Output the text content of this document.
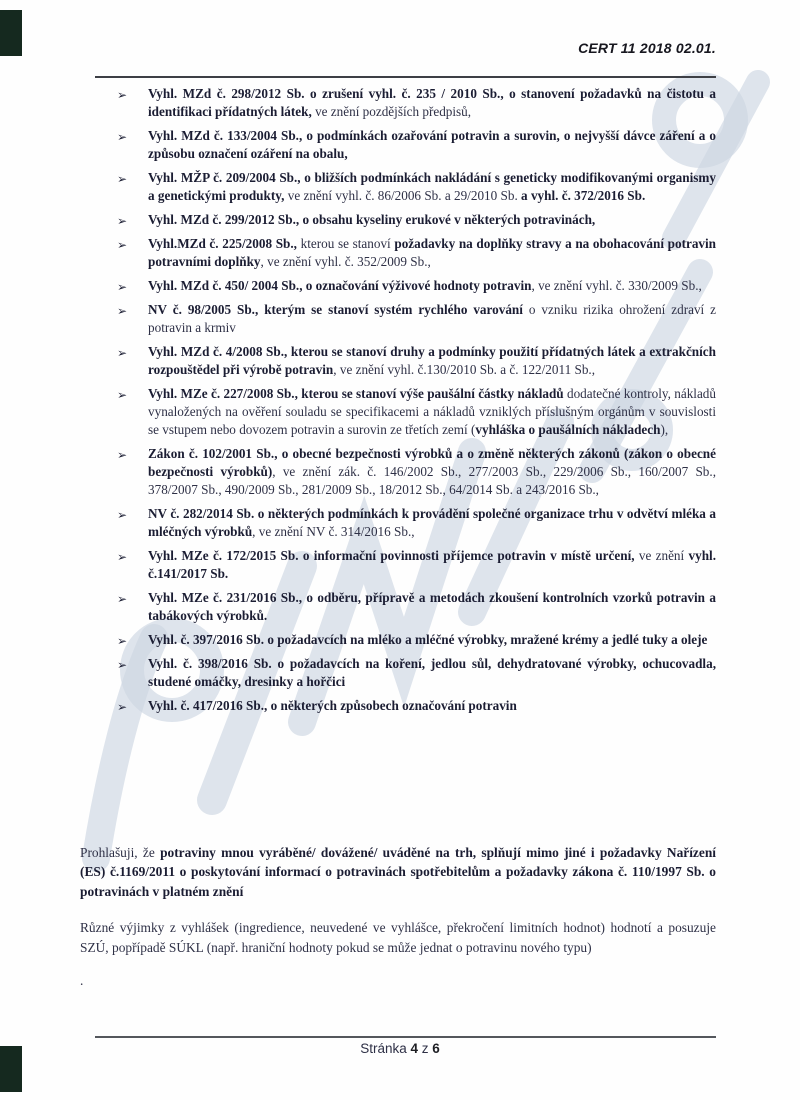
CERT 11 2018 02.01.
➢ Vyhl. MZd č. 298/2012 Sb. o zrušení vyhl. č. 235 / 2010 Sb., o stanovení požadavků na čistotu a identifikaci přídatných látek, ve znění pozdějších předpisů,
➢ Vyhl. MZd č. 133/2004 Sb., o podmínkách ozařování potravin a surovin, o nejvyšší dávce záření a o způsobu označení ozáření na obalu,
➢ Vyhl. MŽP č. 209/2004 Sb., o bližších podmínkách nakládání s geneticky modifikovanými organismy a genetickými produkty, ve znění vyhl. č. 86/2006 Sb. a 29/2010 Sb. a vyhl. č. 372/2016 Sb.
➢ Vyhl. MZd č. 299/2012 Sb., o obsahu kyseliny erukové v některých potravinách,
➢ Vyhl.MZd č. 225/2008 Sb., kterou se stanoví požadavky na doplňky stravy a na obohacování potravin potravními doplňky, ve znění vyhl. č. 352/2009 Sb.,
➢ Vyhl. MZd č. 450/ 2004 Sb., o označování výživové hodnoty potravin, ve znění vyhl. č. 330/2009 Sb.,
➢ NV č. 98/2005 Sb., kterým se stanoví systém rychlého varování o vzniku rizika ohrožení zdraví z potravin a krmiv
➢ Vyhl. MZd č. 4/2008 Sb., kterou se stanoví druhy a podmínky použití přídatných látek a extrakčních rozpouštědel při výrobě potravin, ve znění vyhl. č.130/2010 Sb. a č. 122/2011 Sb.,
➢ Vyhl. MZe č. 227/2008 Sb., kterou se stanoví výše paušální částky nákladů dodatečné kontroly, nákladů vynaložených na ověření souladu se specifikacemi a nákladů vzniklých příslušným orgánům v souvislosti se vstupem nebo dovozem potravin a surovin ze třetích zemí (vyhláška o paušálních nákladech),
➢ Zákon č. 102/2001 Sb., o obecné bezpečnosti výrobků a o změně některých zákonů (zákon o obecné bezpečnosti výrobků), ve znění zák. č. 146/2002 Sb., 277/2003 Sb., 229/2006 Sb., 160/2007 Sb., 378/2007 Sb., 490/2009 Sb., 281/2009 Sb., 18/2012 Sb., 64/2014 Sb. a 243/2016 Sb.,
➢ NV č. 282/2014 Sb. o některých podmínkách k provádění společné organizace trhu v odvětví mléka a mléčných výrobků, ve znění NV č. 314/2016 Sb.,
➢ Vyhl. MZe č. 172/2015 Sb. o informační povinnosti příjemce potravin v místě určení, ve znění vyhl. č.141/2017 Sb.
➢ Vyhl. MZe č. 231/2016 Sb., o odběru, přípravě a metodách zkoušení kontrolních vzorků potravin a tabákových výrobků.
➢ Vyhl. č. 397/2016 Sb. o požadavcích na mléko a mléčné výrobky, mražené krémy a jedlé tuky a oleje
➢ Vyhl. č. 398/2016 Sb. o požadavcích na koření, jedlou sůl, dehydratované výrobky, ochucovadla, studené omáčky, dresinky a hořčici
➢ Vyhl. č. 417/2016 Sb., o některých způsobech označování potravin

Prohlašuji, že potraviny mnou vyráběné/ dovážené/ uváděné na trh, splňují mimo jiné i požadavky Nařízení (ES) č.1169/2011 o poskytování informací o potravinách spotřebitelům a požadavky zákona č. 110/1997 Sb. o potravinách v platném znění

Různé výjimky z vyhlášek (ingredience, neuvedené ve vyhlášce, překročení limitních hodnot) hodnotí a posuzuje SZÚ, popřípadě SÚKL (např. hraniční hodnoty pokud se může jednat o potravinu nového typu)

.

Stránka 4 z 6
